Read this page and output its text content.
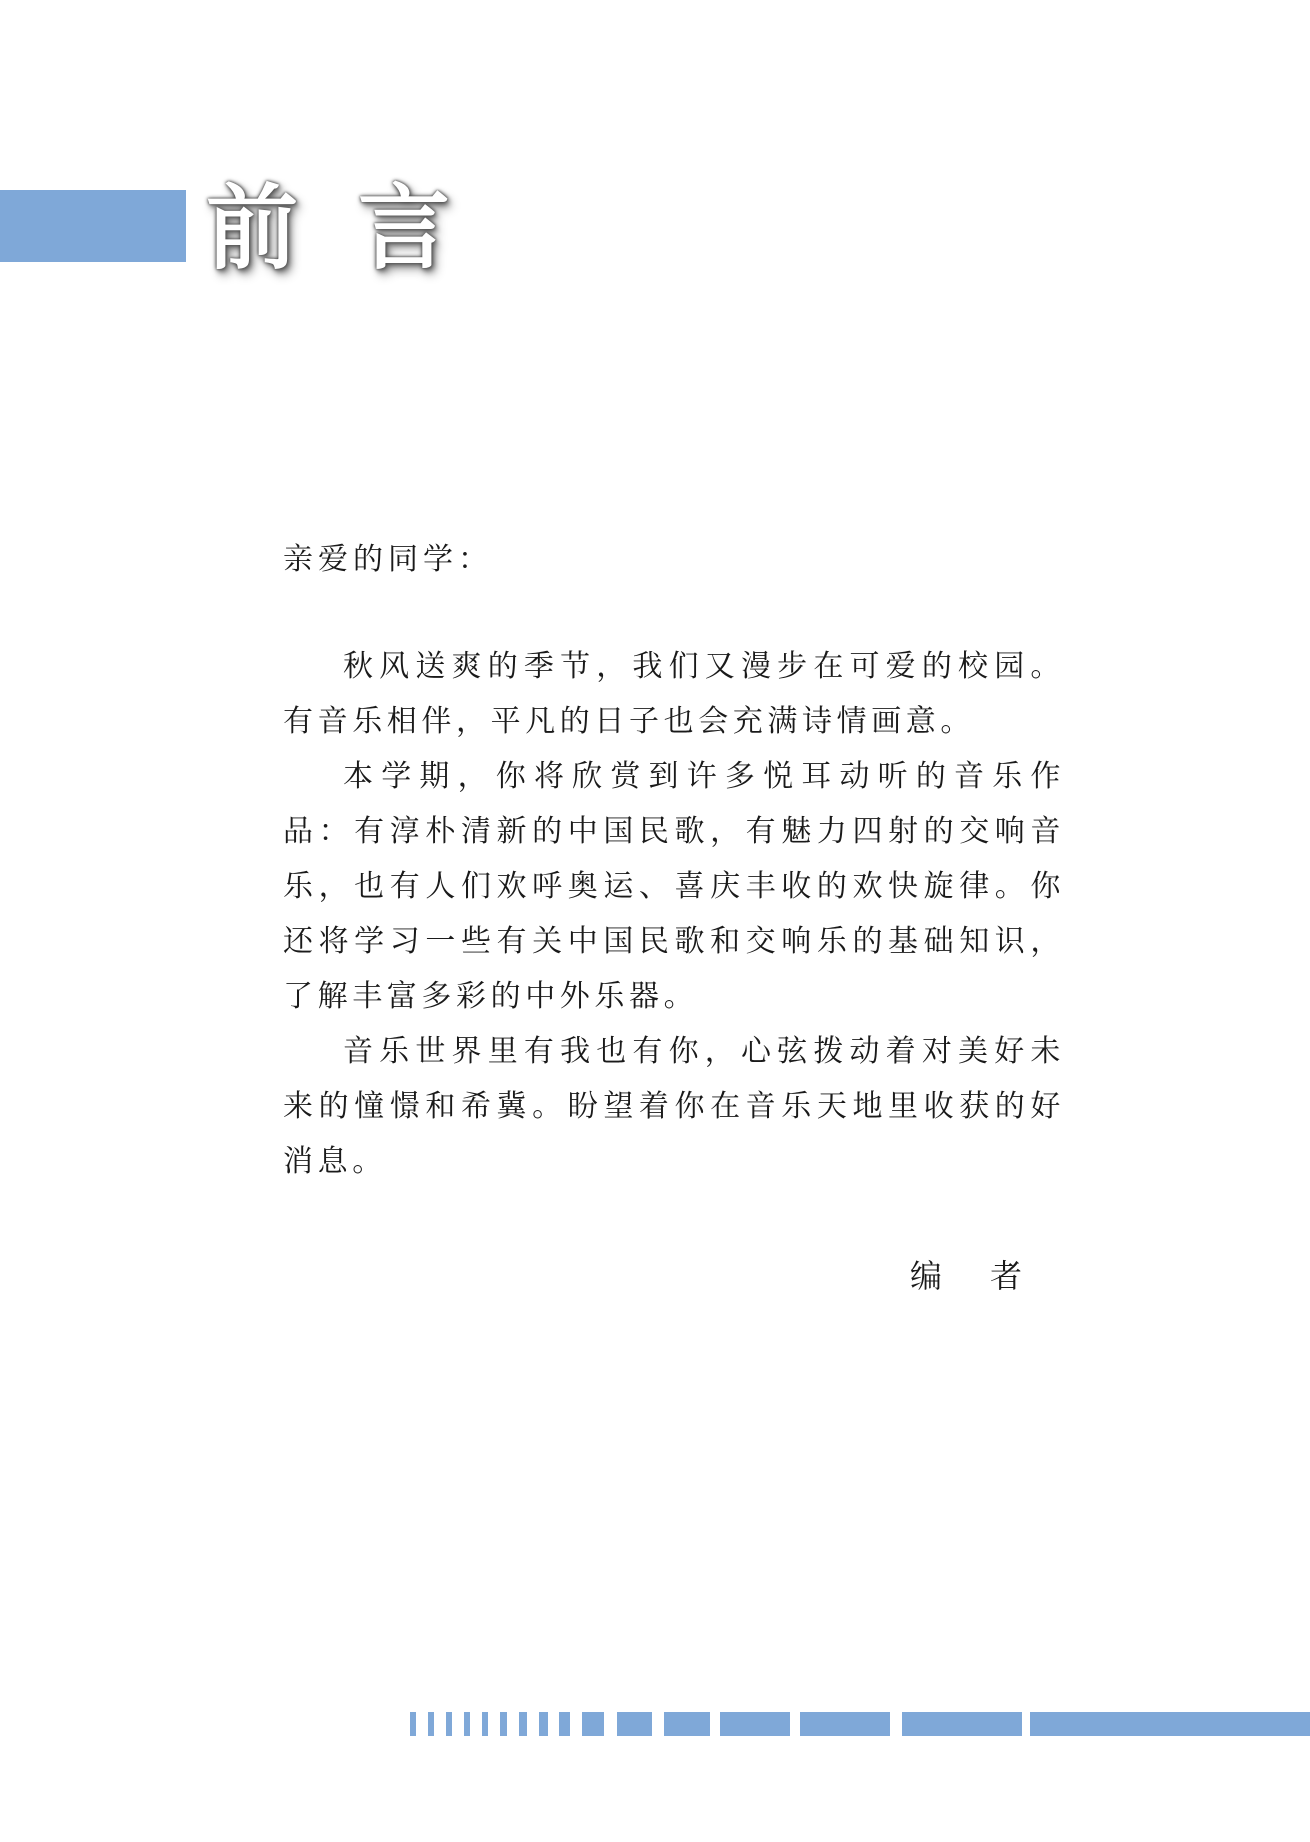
前 言

亲爱的同学：

秋风送爽的季节，我们又漫步在可爱的校园。有音乐相伴，平凡的日子也会充满诗情画意。

本学期，你将欣赏到许多悦耳动听的音乐作品：有淳朴清新的中国民歌，有魅力四射的交响音乐，也有人们欢呼奥运、喜庆丰收的欢快旋律。你还将学习一些有关中国民歌和交响乐的基础知识，了解丰富多彩的中外乐器。

音乐世界里有我也有你，心弦拨动着对美好未来的憧憬和希冀。盼望着你在音乐天地里收获的好消息。

编 者
